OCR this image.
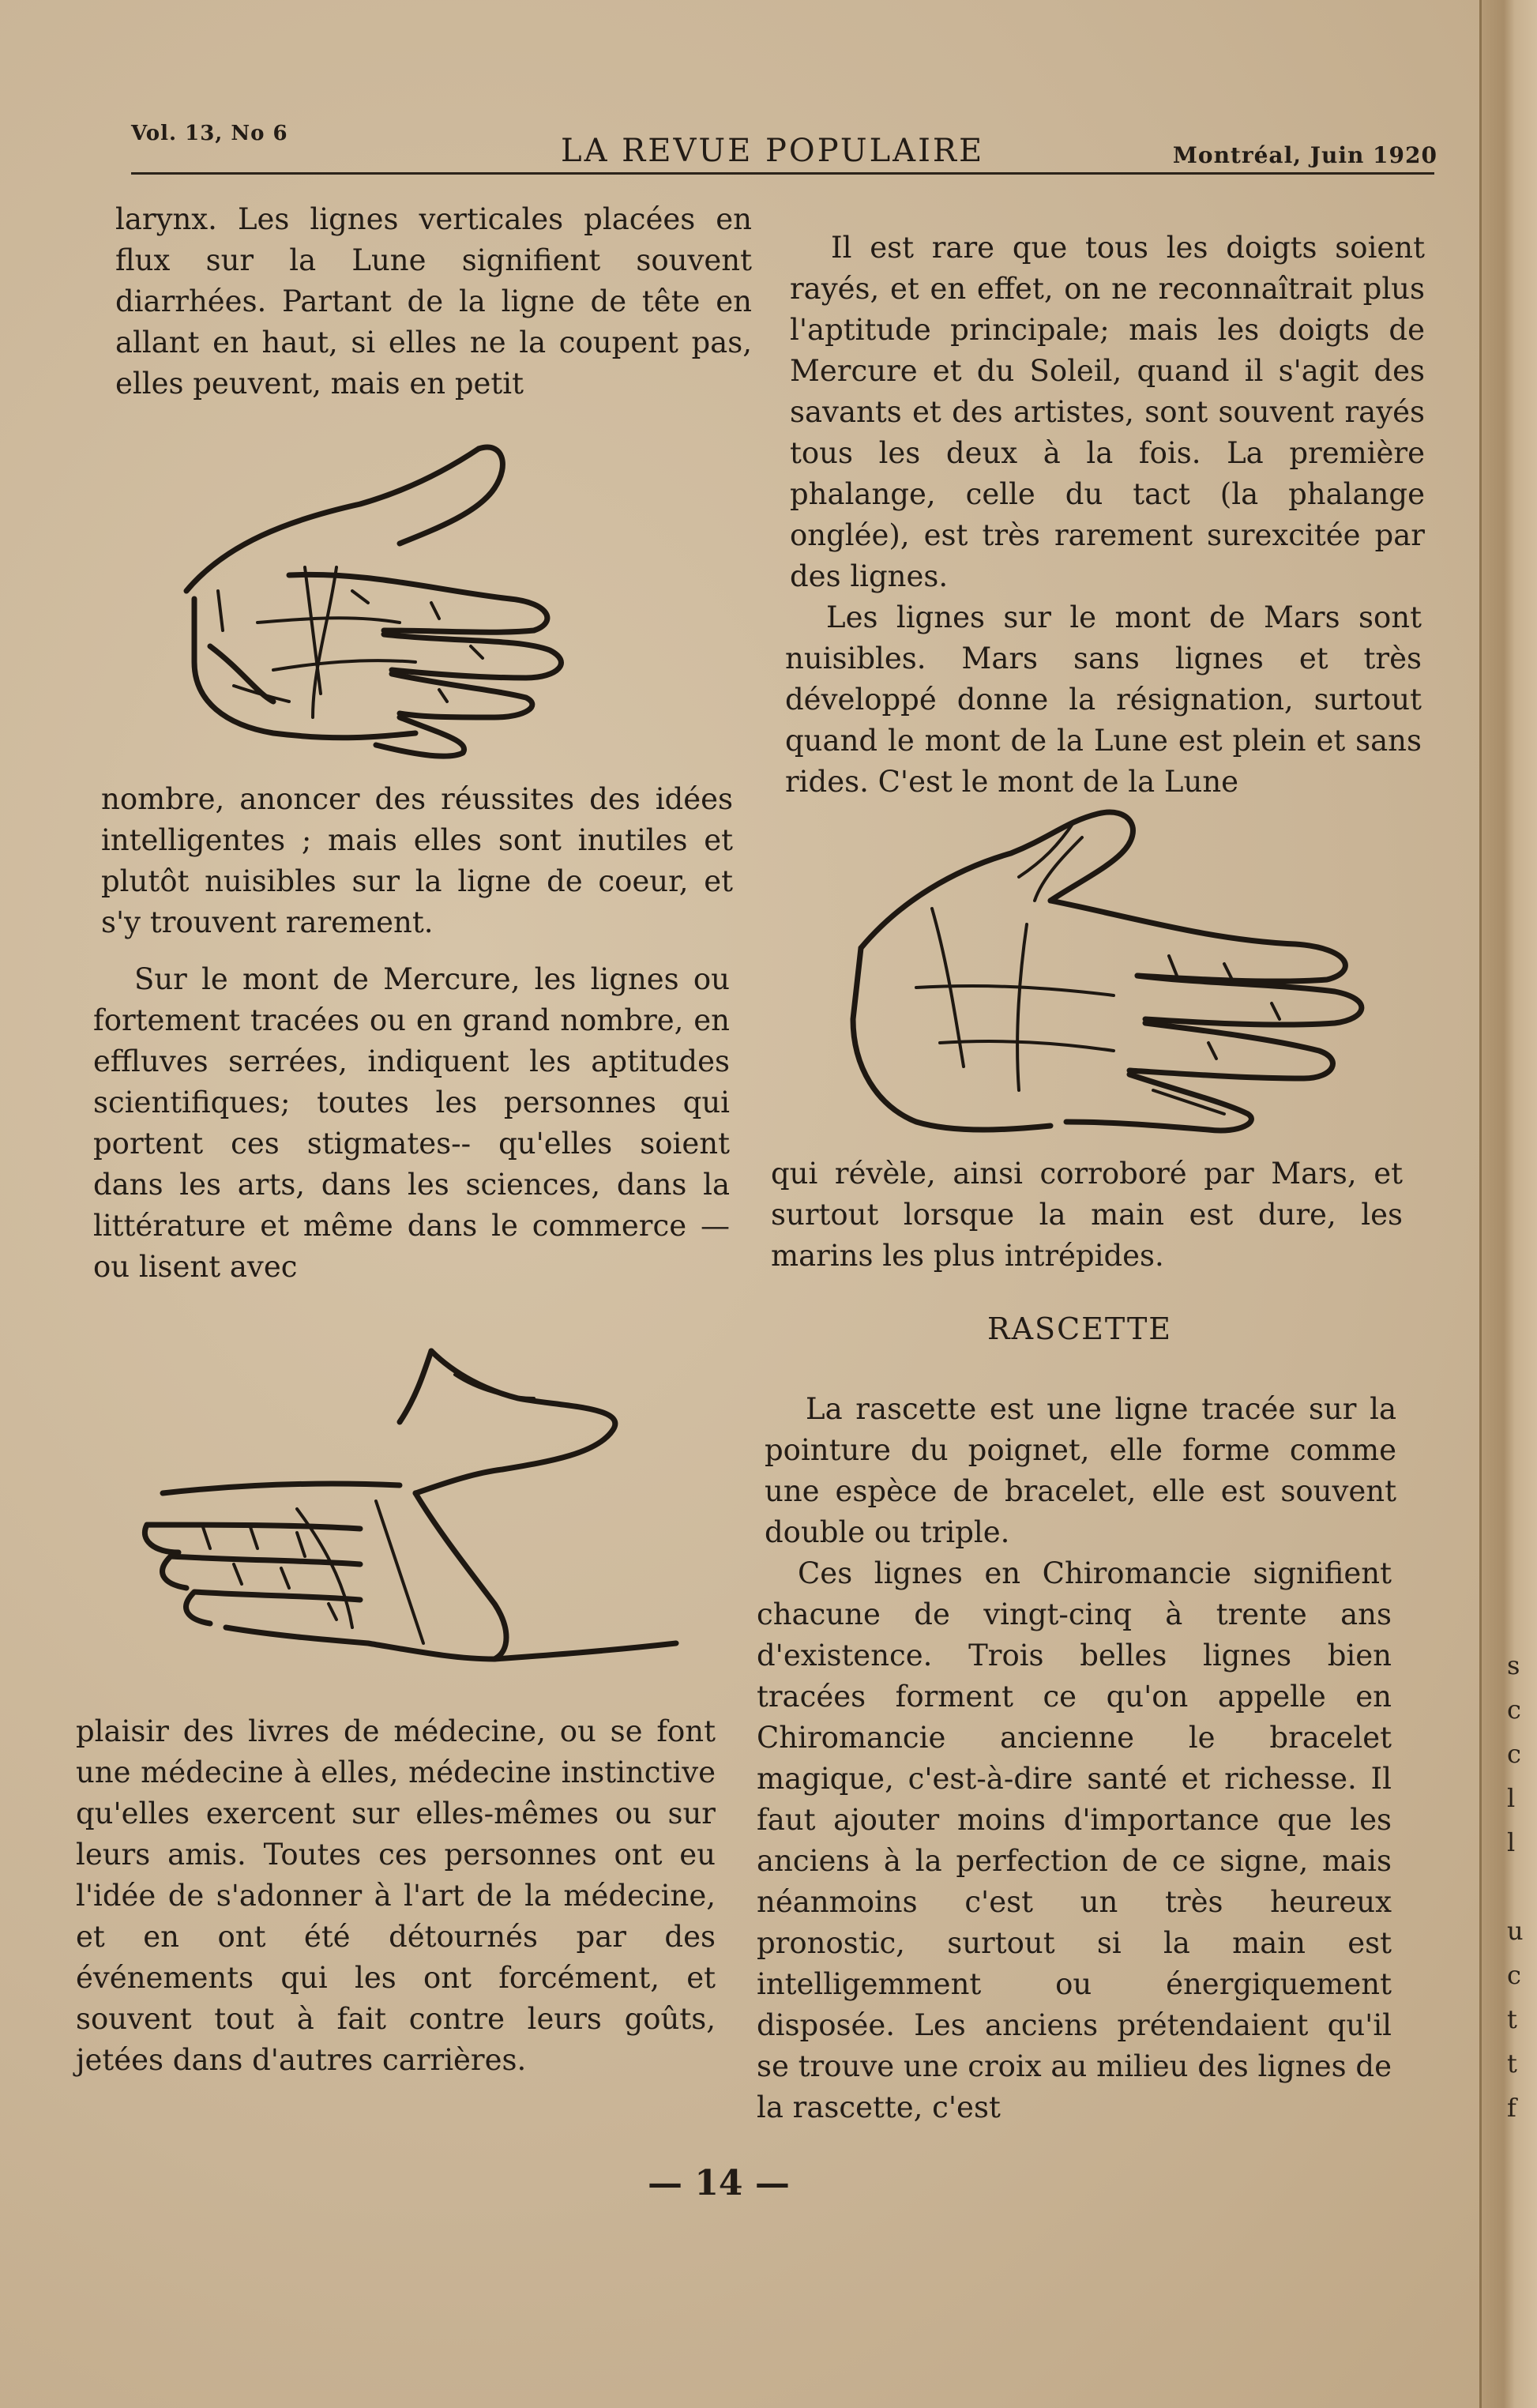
s
c
c
l
l

u
c
t
t
f
Vol. 13, No 6	LA REVUE POPULAIRE	Montréal, Juin 1920

larynx. Les lignes verticales placées en flux sur la Lune signifient souvent diarrhées. Partant de la ligne de tête en allant en haut, si elles ne la coupent pas, elles peuvent, mais en petit

nombre, anoncer des réussites des idées intelligentes ; mais elles sont inutiles et plutôt nuisibles sur la ligne de coeur, et s'y trouvent rarement.

Sur le mont de Mercure, les lignes ou fortement tracées ou en grand nombre, en effluves serrées, indiquent les aptitudes scientifiques; toutes les personnes qui portent ces stigmates-- qu'elles soient dans les arts, dans les sciences, dans la littérature et même dans le commerce — ou lisent avec

plaisir des livres de médecine, ou se font une médecine à elles, médecine instinctive qu'elles exercent sur elles-mêmes ou sur leurs amis. Toutes ces personnes ont eu l'idée de s'adonner à l'art de la médecine, et en ont été détournés par des événements qui les ont forcément, et souvent tout à fait contre leurs goûts, jetées dans d'autres carrières.

Il est rare que tous les doigts soient rayés, et en effet, on ne reconnaîtrait plus l'aptitude principale; mais les doigts de Mercure et du Soleil, quand il s'agit des savants et des artistes, sont souvent rayés tous les deux à la fois. La première phalange, celle du tact (la phalange onglée), est très rarement surexcitée par des lignes.

Les lignes sur le mont de Mars sont nuisibles. Mars sans lignes et très développé donne la résignation, surtout quand le mont de la Lune est plein et sans rides. C'est le mont de la Lune

qui révèle, ainsi corroboré par Mars, et surtout lorsque la main est dure, les marins les plus intrépides.

RASCETTE

La rascette est une ligne tracée sur la pointure du poignet, elle forme comme une espèce de bracelet, elle est souvent double ou triple.

Ces lignes en Chiromancie signifient chacune de vingt-cinq à trente ans d'existence. Trois belles lignes bien tracées forment ce qu'on appelle en Chiromancie ancienne le bracelet magique, c'est-à-dire santé et richesse. Il faut ajouter moins d'importance que les anciens à la perfection de ce signe, mais néanmoins c'est un très heureux pronostic, surtout si la main est intelligemment ou énergiquement disposée. Les anciens prétendaient qu'il se trouve une croix au milieu des lignes de la rascette, c'est

— 14 —
